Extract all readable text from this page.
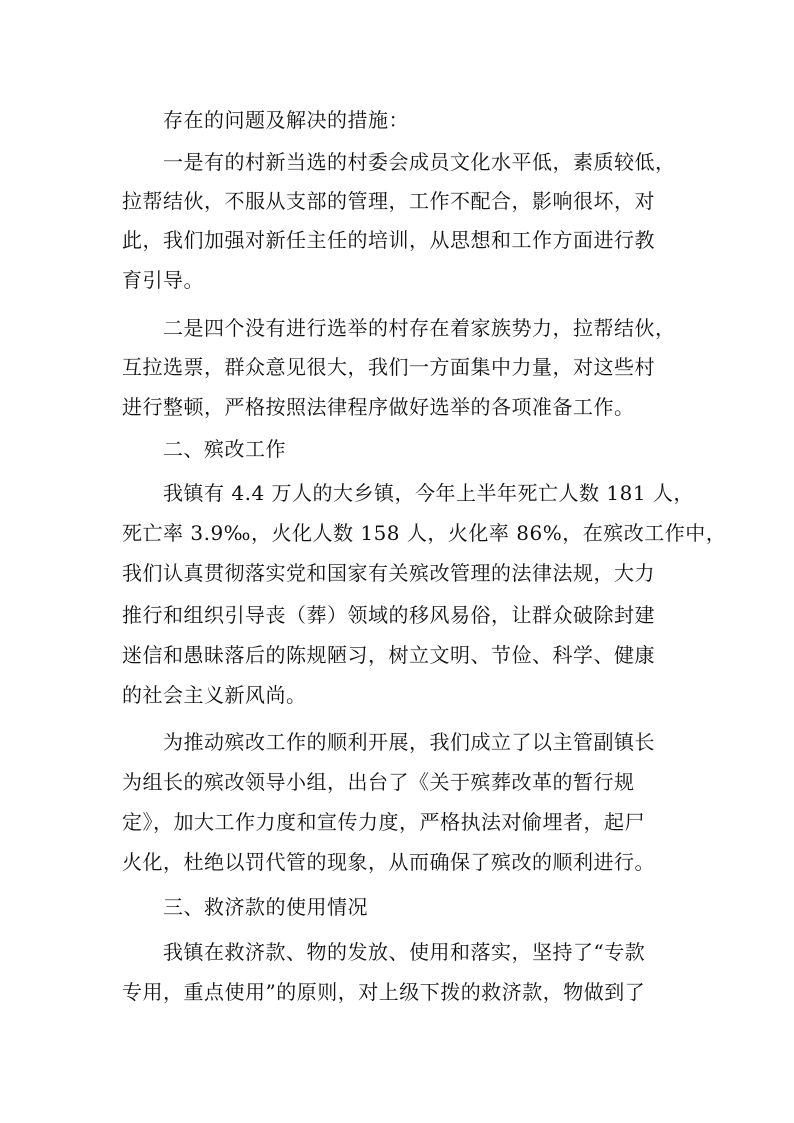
存在的问题及解决的措施：
一是有的村新当选的村委会成员文化水平低，素质较低，
拉帮结伙，不服从支部的管理，工作不配合，影响很坏，对
此，我们加强对新任主任的培训，从思想和工作方面进行教
育引导。
二是四个没有进行选举的村存在着家族势力，拉帮结伙，
互拉选票，群众意见很大，我们一方面集中力量，对这些村
进行整顿，严格按照法律程序做好选举的各项准备工作。
二、殡改工作
我镇有 4.4 万人的大乡镇，今年上半年死亡人数 181 人，
死亡率 3.9‰，火化人数 158 人，火化率 86%，在殡改工作中，
我们认真贯彻落实党和国家有关殡改管理的法律法规，大力
推行和组织引导丧（葬）领域的移风易俗，让群众破除封建
迷信和愚昧落后的陈规陋习，树立文明、节俭、科学、健康
的社会主义新风尚。
为推动殡改工作的顺利开展，我们成立了以主管副镇长
为组长的殡改领导小组，出台了《关于殡葬改革的暂行规
定》，加大工作力度和宣传力度，严格执法对偷埋者，起尸
火化，杜绝以罚代管的现象，从而确保了殡改的顺利进行。
三、救济款的使用情况
我镇在救济款、物的发放、使用和落实，坚持了“专款
专用，重点使用”的原则，对上级下拨的救济款，物做到了
